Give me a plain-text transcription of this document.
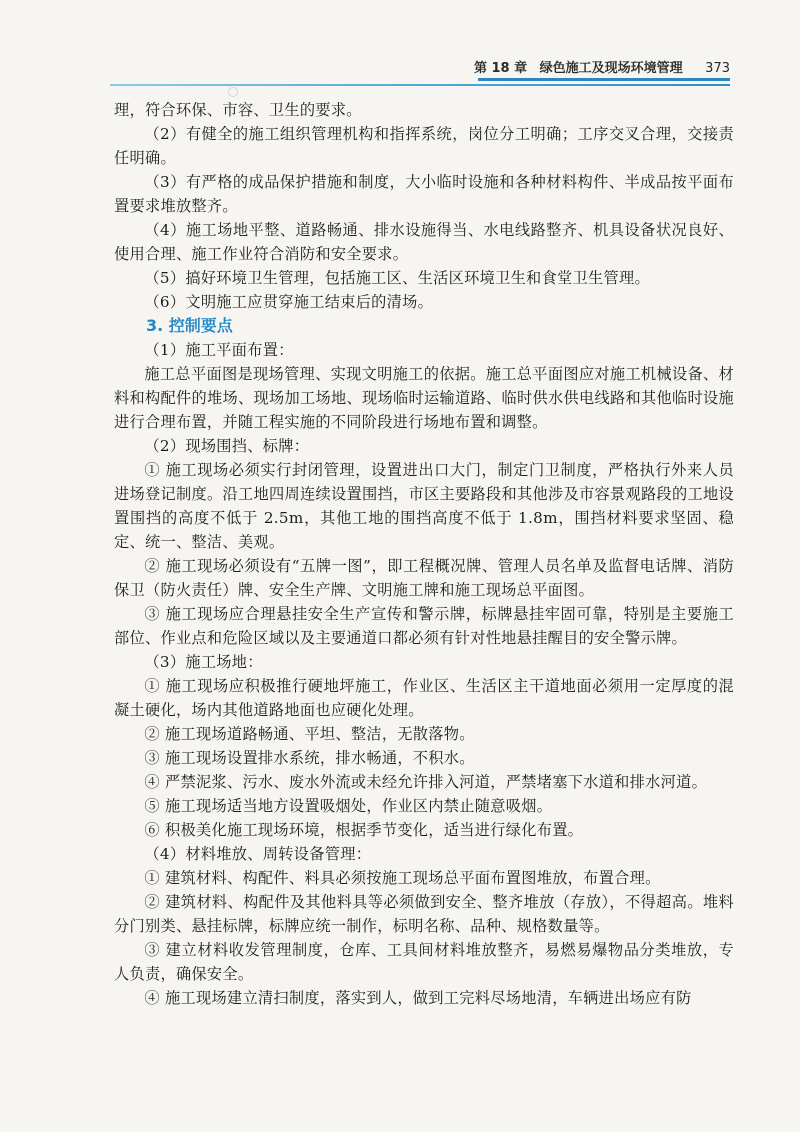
第 18 章 绿色施工及现场环境管理 373

理，符合环保、市容、卫生的要求。

（2）有健全的施工组织管理机构和指挥系统，岗位分工明确；工序交叉合理，交接责任明确。

（3）有严格的成品保护措施和制度，大小临时设施和各种材料构件、半成品按平面布置要求堆放整齐。

（4）施工场地平整、道路畅通、排水设施得当、水电线路整齐、机具设备状况良好、使用合理、施工作业符合消防和安全要求。

（5）搞好环境卫生管理，包括施工区、生活区环境卫生和食堂卫生管理。

（6）文明施工应贯穿施工结束后的清场。

3. 控制要点

（1）施工平面布置：

施工总平面图是现场管理、实现文明施工的依据。施工总平面图应对施工机械设备、材料和构配件的堆场、现场加工场地、现场临时运输道路、临时供水供电线路和其他临时设施进行合理布置，并随工程实施的不同阶段进行场地布置和调整。

（2）现场围挡、标牌：

① 施工现场必须实行封闭管理，设置进出口大门，制定门卫制度，严格执行外来人员进场登记制度。沿工地四周连续设置围挡，市区主要路段和其他涉及市容景观路段的工地设置围挡的高度不低于 2.5m，其他工地的围挡高度不低于 1.8m，围挡材料要求坚固、稳定、统一、整洁、美观。

② 施工现场必须设有“五牌一图”，即工程概况牌、管理人员名单及监督电话牌、消防保卫（防火责任）牌、安全生产牌、文明施工牌和施工现场总平面图。

③ 施工现场应合理悬挂安全生产宣传和警示牌，标牌悬挂牢固可靠，特别是主要施工部位、作业点和危险区域以及主要通道口都必须有针对性地悬挂醒目的安全警示牌。

（3）施工场地：

① 施工现场应积极推行硬地坪施工，作业区、生活区主干道地面必须用一定厚度的混凝土硬化，场内其他道路地面也应硬化处理。

② 施工现场道路畅通、平坦、整洁，无散落物。

③ 施工现场设置排水系统，排水畅通，不积水。

④ 严禁泥浆、污水、废水外流或未经允许排入河道，严禁堵塞下水道和排水河道。

⑤ 施工现场适当地方设置吸烟处，作业区内禁止随意吸烟。

⑥ 积极美化施工现场环境，根据季节变化，适当进行绿化布置。

（4）材料堆放、周转设备管理：

① 建筑材料、构配件、料具必须按施工现场总平面布置图堆放，布置合理。

② 建筑材料、构配件及其他料具等必须做到安全、整齐堆放（存放），不得超高。堆料分门别类、悬挂标牌，标牌应统一制作，标明名称、品种、规格数量等。

③ 建立材料收发管理制度，仓库、工具间材料堆放整齐，易燃易爆物品分类堆放，专人负责，确保安全。

④ 施工现场建立清扫制度，落实到人，做到工完料尽场地清，车辆进出场应有防
